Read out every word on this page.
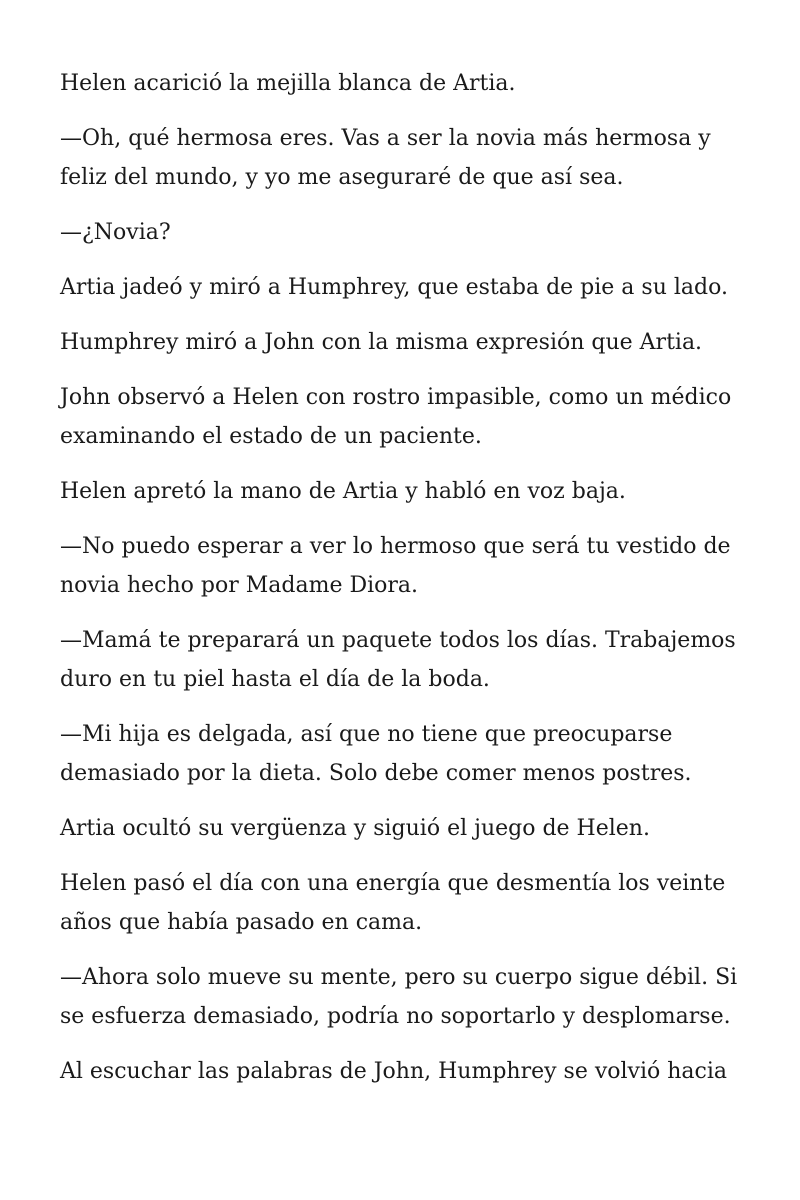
Helen acarició la mejilla blanca de Artia.

—Oh, qué hermosa eres. Vas a ser la novia más hermosa y feliz del mundo, y yo me aseguraré de que así sea.

—¿Novia?

Artia jadeó y miró a Humphrey, que estaba de pie a su lado.

Humphrey miró a John con la misma expresión que Artia.

John observó a Helen con rostro impasible, como un médico examinando el estado de un paciente.

Helen apretó la mano de Artia y habló en voz baja.

—No puedo esperar a ver lo hermoso que será tu vestido de novia hecho por Madame Diora.

—Mamá te preparará un paquete todos los días. Trabajemos duro en tu piel hasta el día de la boda.

—Mi hija es delgada, así que no tiene que preocuparse demasiado por la dieta. Solo debe comer menos postres.

Artia ocultó su vergüenza y siguió el juego de Helen.

Helen pasó el día con una energía que desmentía los veinte años que había pasado en cama.

—Ahora solo mueve su mente, pero su cuerpo sigue débil. Si se esfuerza demasiado, podría no soportarlo y desplomarse.

Al escuchar las palabras de John, Humphrey se volvió hacia
